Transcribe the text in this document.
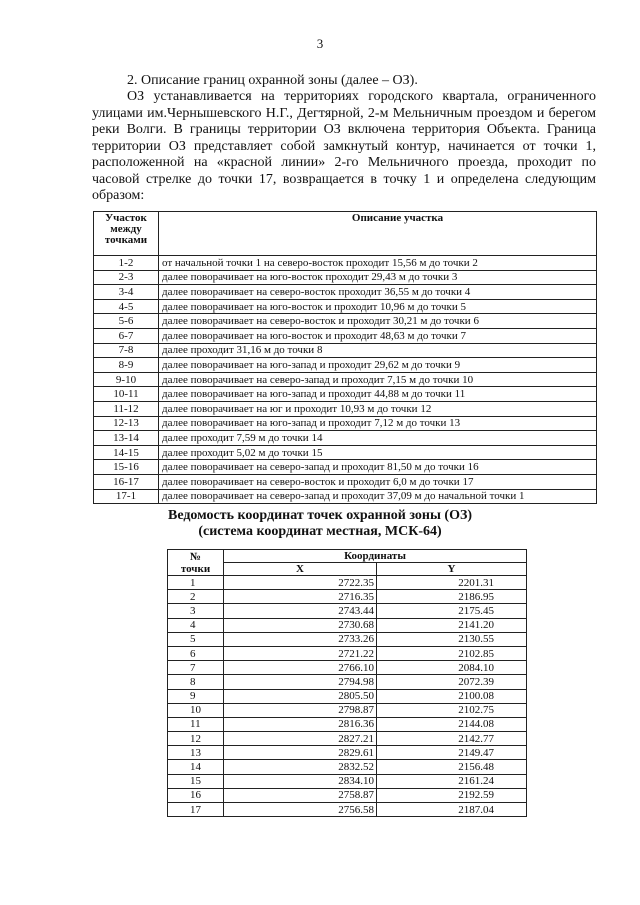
3

2. Описание границ охранной зоны (далее – ОЗ).

ОЗ устанавливается на территориях городского квартала, ограниченного улицами им.Чернышевского Н.Г., Дегтярной, 2-м Мельничным проездом и берегом реки Волги. В границы территории ОЗ включена территория Объекта. Граница территории ОЗ представляет собой замкнутый контур, начинается от точки 1, расположенной на «красной линии» 2-го Мельничного проезда, проходит по часовой стрелке до точки 17, возвращается в точку 1 и определена следующим образом:

Участок между точками	Описание участка
1-2	от начальной точки 1 на северо-восток проходит 15,56 м до точки 2
2-3	далее поворачивает на юго-восток проходит 29,43 м до точки 3
3-4	далее поворачивает на северо-восток проходит 36,55 м до точки 4
4-5	далее поворачивает на юго-восток и проходит 10,96 м до точки 5
5-6	далее поворачивает на северо-восток и проходит 30,21 м до точки 6
6-7	далее поворачивает на юго-восток и проходит 48,63 м до точки 7
7-8	далее проходит 31,16 м до точки 8
8-9	далее поворачивает на юго-запад и проходит 29,62 м до точки 9
9-10	далее поворачивает на северо-запад и проходит 7,15 м до точки 10
10-11	далее поворачивает на юго-запад и проходит 44,88 м до точки 11
11-12	далее поворачивает на юг и проходит 10,93 м до точки 12
12-13	далее поворачивает на юго-запад и проходит 7,12 м до точки 13
13-14	далее проходит 7,59 м до точки 14
14-15	далее проходит 5,02 м до точки 15
15-16	далее поворачивает на северо-запад и проходит 81,50 м до точки 16
16-17	далее поворачивает на северо-восток и проходит 6,0 м до точки 17
17-1	далее поворачивает на северо-запад и проходит 37,09 м до начальной точки 1
Ведомость координат точек охранной зоны (ОЗ)
(система координат местная, МСК-64)
№
точки	Координаты	
	X	Y
1	2722.35	2201.31
2	2716.35	2186.95
3	2743.44	2175.45
4	2730.68	2141.20
5	2733.26	2130.55
6	2721.22	2102.85
7	2766.10	2084.10
8	2794.98	2072.39
9	2805.50	2100.08
10	2798.87	2102.75
11	2816.36	2144.08
12	2827.21	2142.77
13	2829.61	2149.47
14	2832.52	2156.48
15	2834.10	2161.24
16	2758.87	2192.59
17	2756.58	2187.04
